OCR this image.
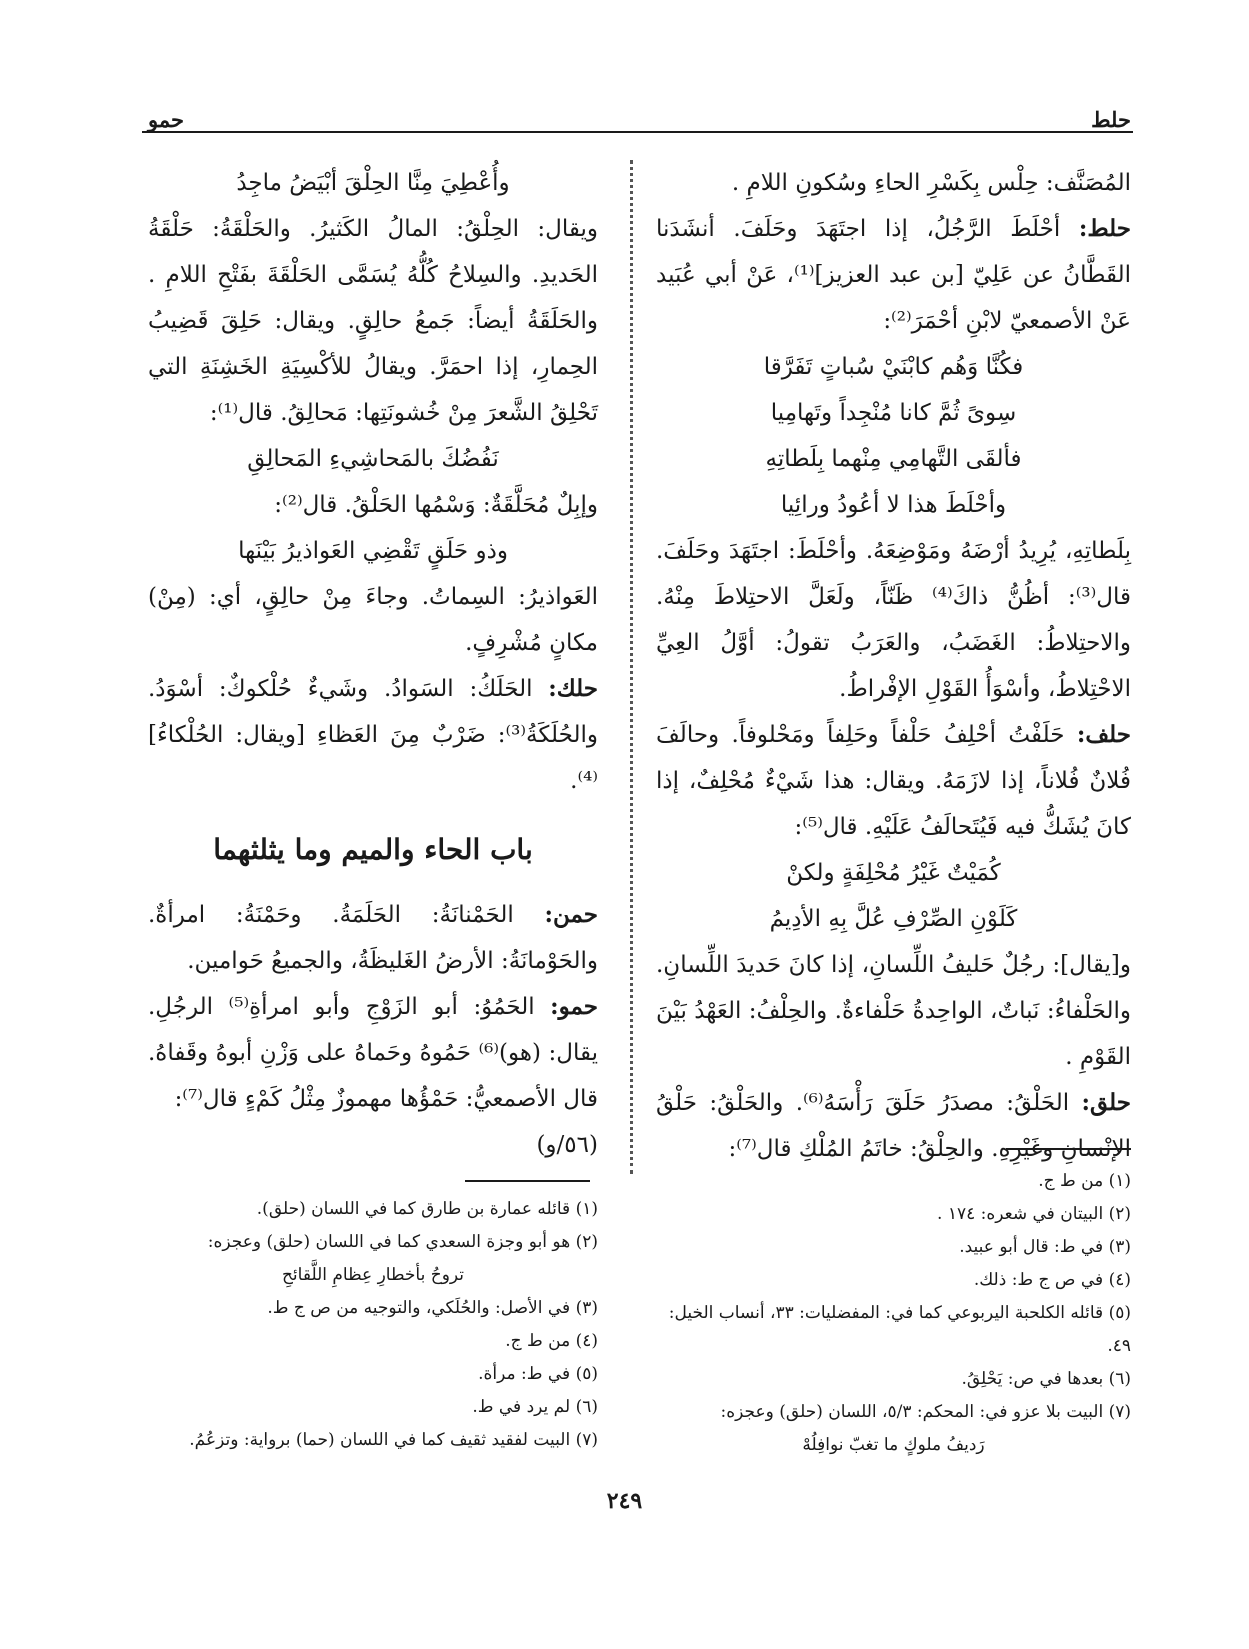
حلط
حمو

المُصَنَّف: حِلْس بِكَسْرِ الحاءِ وسُكونِ اللامِ .

حلط: أحْلَطَ الرَّجُلُ، إذا اجتَهَدَ وحَلَفَ. أنشَدَنا القَطَّانُ عن عَلِيّ [بن عبد العزيز]⁽¹⁾، عَنْ أبي عُبَيد عَنْ الأصمعيّ لابْنِ أحْمَرَ⁽²⁾:

فكُنَّا وَهُم كابْنَيْ سُباتٍ تَفَرَّقا

سِوىً ثُمَّ كانا مُنْجِداً وتَهامِيا

فألقَى التَّهامِي مِنْهما بِلَطاتِهِ

وأحْلَطَ هذا لا أعُودُ ورائِيا

بِلَطاتِهِ، يُرِيدُ أرْضَهُ ومَوْضِعَهُ. وأحْلَطَ: اجتَهَدَ وحَلَفَ. قال⁽³⁾: أظُنُّ ذاكَ⁽⁴⁾ ظَنّاً، ولَعَلَّ الاحتِلاطَ مِنْهُ. والاحتِلاطُ: الغَضَبُ، والعَرَبُ تقولُ: أوَّلُ العِيِّ الاحْتِلاطُ، وأسْوَأُ القَوْلِ الإفْراطُ.

حلف: حَلَفْتُ أحْلِفُ حَلْفاً وحَلِفاً ومَحْلوفاً. وحالَفَ فُلانٌ فُلاناً، إذا لازَمَهُ. ويقال: هذا شَيْءٌ مُحْلِفٌ، إذا كانَ يُشَكُّ فيه فَيُتَحالَفُ عَلَيْهِ. قال⁽⁵⁾:

كُمَيْتٌ غَيْرُ مُحْلِفَةٍ ولكنْ

كَلَوْنِ الصِّرْفِ عُلَّ بِهِ الأدِيمُ

و[يقال]: رجُلٌ حَليفُ اللِّسانِ، إذا كانَ حَديدَ اللِّسانِ. والحَلْفاءُ: نَباتٌ، الواحِدةُ حَلْفاءةٌ. والحِلْفُ: العَهْدُ بَيْنَ القَوْمِ .

حلق: الحَلْقُ: مصدَرُ حَلَقَ رَأْسَهُ⁽⁶⁾. والحَلْقُ: حَلْقُ الإنْسانِ وغَيْرِهِ. والحِلْقُ: خاتَمُ المُلْكِ قال⁽⁷⁾:

وأُعْطِيَ مِنَّا الحِلْقَ أبْيَضُ ماجِدُ

ويقال: الحِلْقُ: المالُ الكَثيرُ. والحَلْقَةُ: حَلْقَةُ الحَديدِ. والسِلاحُ كُلُّهُ يُسَمَّى الحَلْقَةَ بفَتْحِ اللامِ . والحَلَقَةُ أيضاً: جَمعُ حالِقٍ. ويقال: حَلِقَ قَضِيبُ الحِمارِ، إذا احمَرَّ. ويقالُ للأكْسِيَةِ الخَشِنَةِ التي تَحْلِقُ الشَّعرَ مِنْ خُشونَتِها: مَحالِقُ. قال⁽¹⁾:

نَفُضُكَ بالمَحاشِيءِ المَحالِقِ

وإبِلٌ مُحَلَّقَةٌ: وَسْمُها الحَلْقُ. قال⁽²⁾:

وذو حَلَقٍ تَقْضِي العَواذيرُ بَيْنَها

العَواذيرُ: السِماتُ. وجاءَ مِنْ حالِقٍ، أي: (مِنْ) مكانٍ مُشْرِفٍ.

حلك: الحَلَكُ: السَوادُ. وشَيءٌ حُلْكوكٌ: أسْوَدُ. والحُلَكَةُ⁽³⁾: ضَرْبٌ مِنَ العَظاءِ [ويقال: الحُلْكاءُ]⁽⁴⁾.

باب الحاء والميم وما يثلثهما

حمن: الحَمْنانَةُ: الحَلَمَةُ. وحَمْنَةُ: امرأةٌ. والحَوْمانَةُ: الأرضُ الغَليظَةُ، والجميعُ حَوامين.

حمو: الحَمُوُ: أبو الزَوْجِ وأبو امرأةِ⁽⁵⁾ الرجُلِ. يقال: (هو)⁽⁶⁾ حَمُوهُ وحَماهُ على وَزْنِ أبوهُ وقَفاهُ. قال الأصمعيُّ: حَمْؤُها مهموزٌ مِثْلُ كَمْءٍ قال⁽⁷⁾:

(٥٦/و)

(١) من ط ج.

(٢) البيتان في شعره: ١٧٤ .

(٣) في ط: قال أبو عبيد.

(٤) في ص ج ط: ذلك.

(٥) قائله الكلحبة اليربوعي كما في: المفضليات: ٣٣، أنساب الخيل: ٤٩.

(٦) بعدها في ص: يَحْلِقُ.

(٧) البيت بلا عزو في: المحكم: ٥/٣، اللسان (حلق) وعجزه:

رَديفُ ملوكٍ ما تغبّ نوافِلُهْ

(١) قائله عمارة بن طارق كما في اللسان (حلق).

(٢) هو أبو وجزة السعدي كما في اللسان (حلق) وعجزه:

تروحُ بأخطارِ عِظامِ اللَّقائحِ

(٣) في الأصل: والحُلَكي، والتوجيه من ص ج ط.

(٤) من ط ج.

(٥) في ط: مرأة.

(٦) لم يرد في ط.

(٧) البيت لفقيد ثقيف كما في اللسان (حما) برواية: وتزعُمُ.

٢٤٩
